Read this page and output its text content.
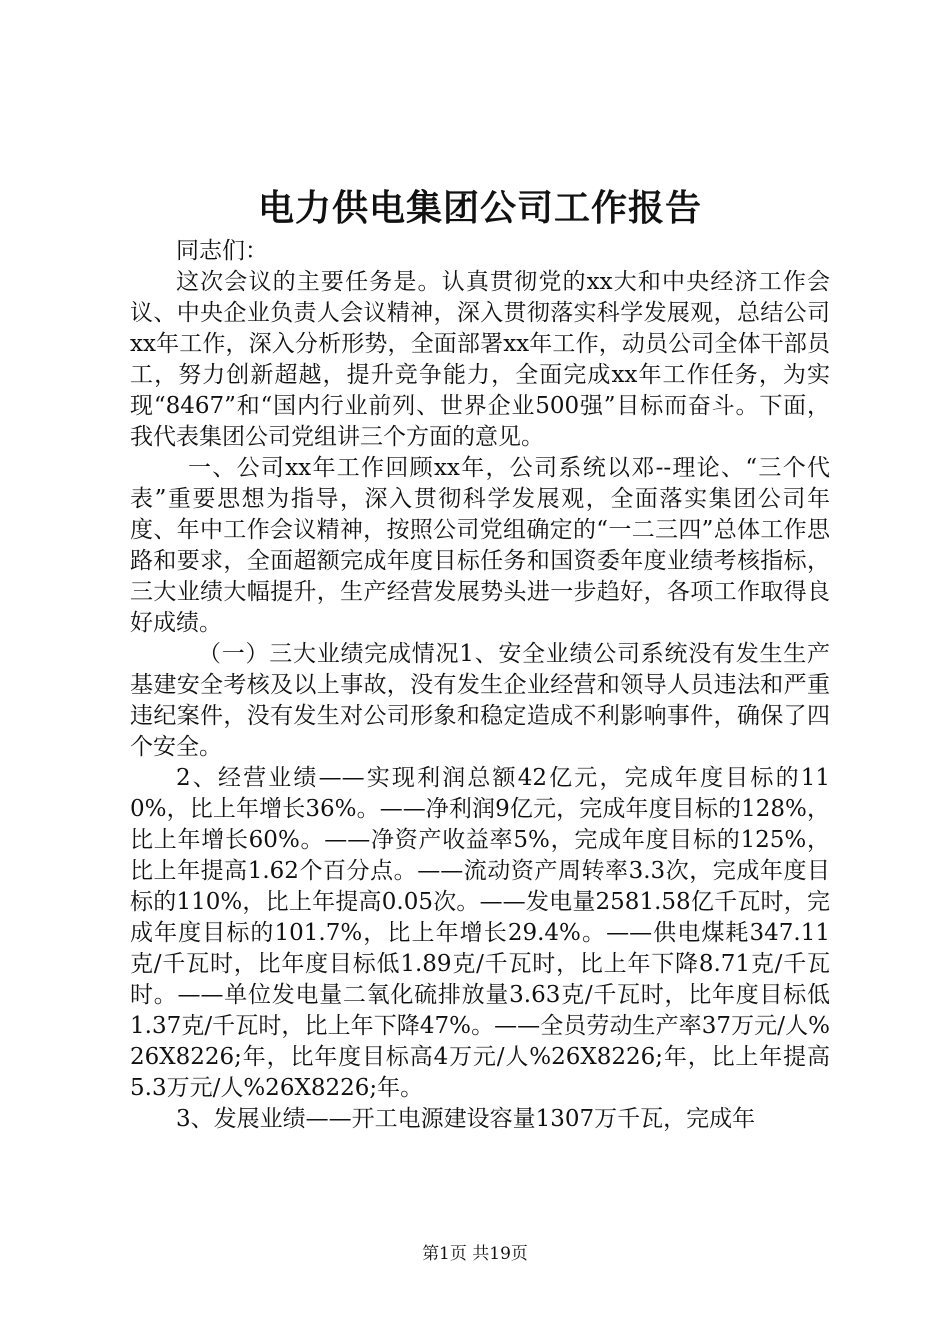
电力供电集团公司工作报告

同志们：

这次会议的主要任务是。认真贯彻党的xx大和中央经济工作会议、中央企业负责人会议精神，深入贯彻落实科学发展观，总结公司xx年工作，深入分析形势，全面部署xx年工作，动员公司全体干部员工，努力创新超越，提升竞争能力，全面完成xx年工作任务，为实现“8467”和“国内行业前列、世界企业500强”目标而奋斗。下面，我代表集团公司党组讲三个方面的意见。

一、公司xx年工作回顾xx年，公司系统以邓--理论、“三个代表”重要思想为指导，深入贯彻科学发展观，全面落实集团公司年度、年中工作会议精神，按照公司党组确定的“一二三四”总体工作思路和要求，全面超额完成年度目标任务和国资委年度业绩考核指标，三大业绩大幅提升，生产经营发展势头进一步趋好，各项工作取得良好成绩。

（一）三大业绩完成情况1、安全业绩公司系统没有发生生产基建安全考核及以上事故，没有发生企业经营和领导人员违法和严重违纪案件，没有发生对公司形象和稳定造成不利影响事件，确保了四个安全。

2、经营业绩——实现利润总额42亿元，完成年度目标的110%，比上年增长36%。——净利润9亿元，完成年度目标的128%，比上年增长60%。——净资产收益率5%，完成年度目标的125%，比上年提高1.62个百分点。——流动资产周转率3.3次，完成年度目标的110%，比上年提高0.05次。——发电量2581.58亿千瓦时，完成年度目标的101.7%，比上年增长29.4%。——供电煤耗347.11克/千瓦时，比年度目标低1.89克/千瓦时，比上年下降8.71克/千瓦时。——单位发电量二氧化硫排放量3.63克/千瓦时，比年度目标低1.37克/千瓦时，比上年下降47%。——全员劳动生产率37万元/人%26X8226;年，比年度目标高4万元/人%26X8226;年，比上年提高5.3万元/人%26X8226;年。

3、发展业绩——开工电源建设容量1307万千瓦，完成年

第1页 共19页
